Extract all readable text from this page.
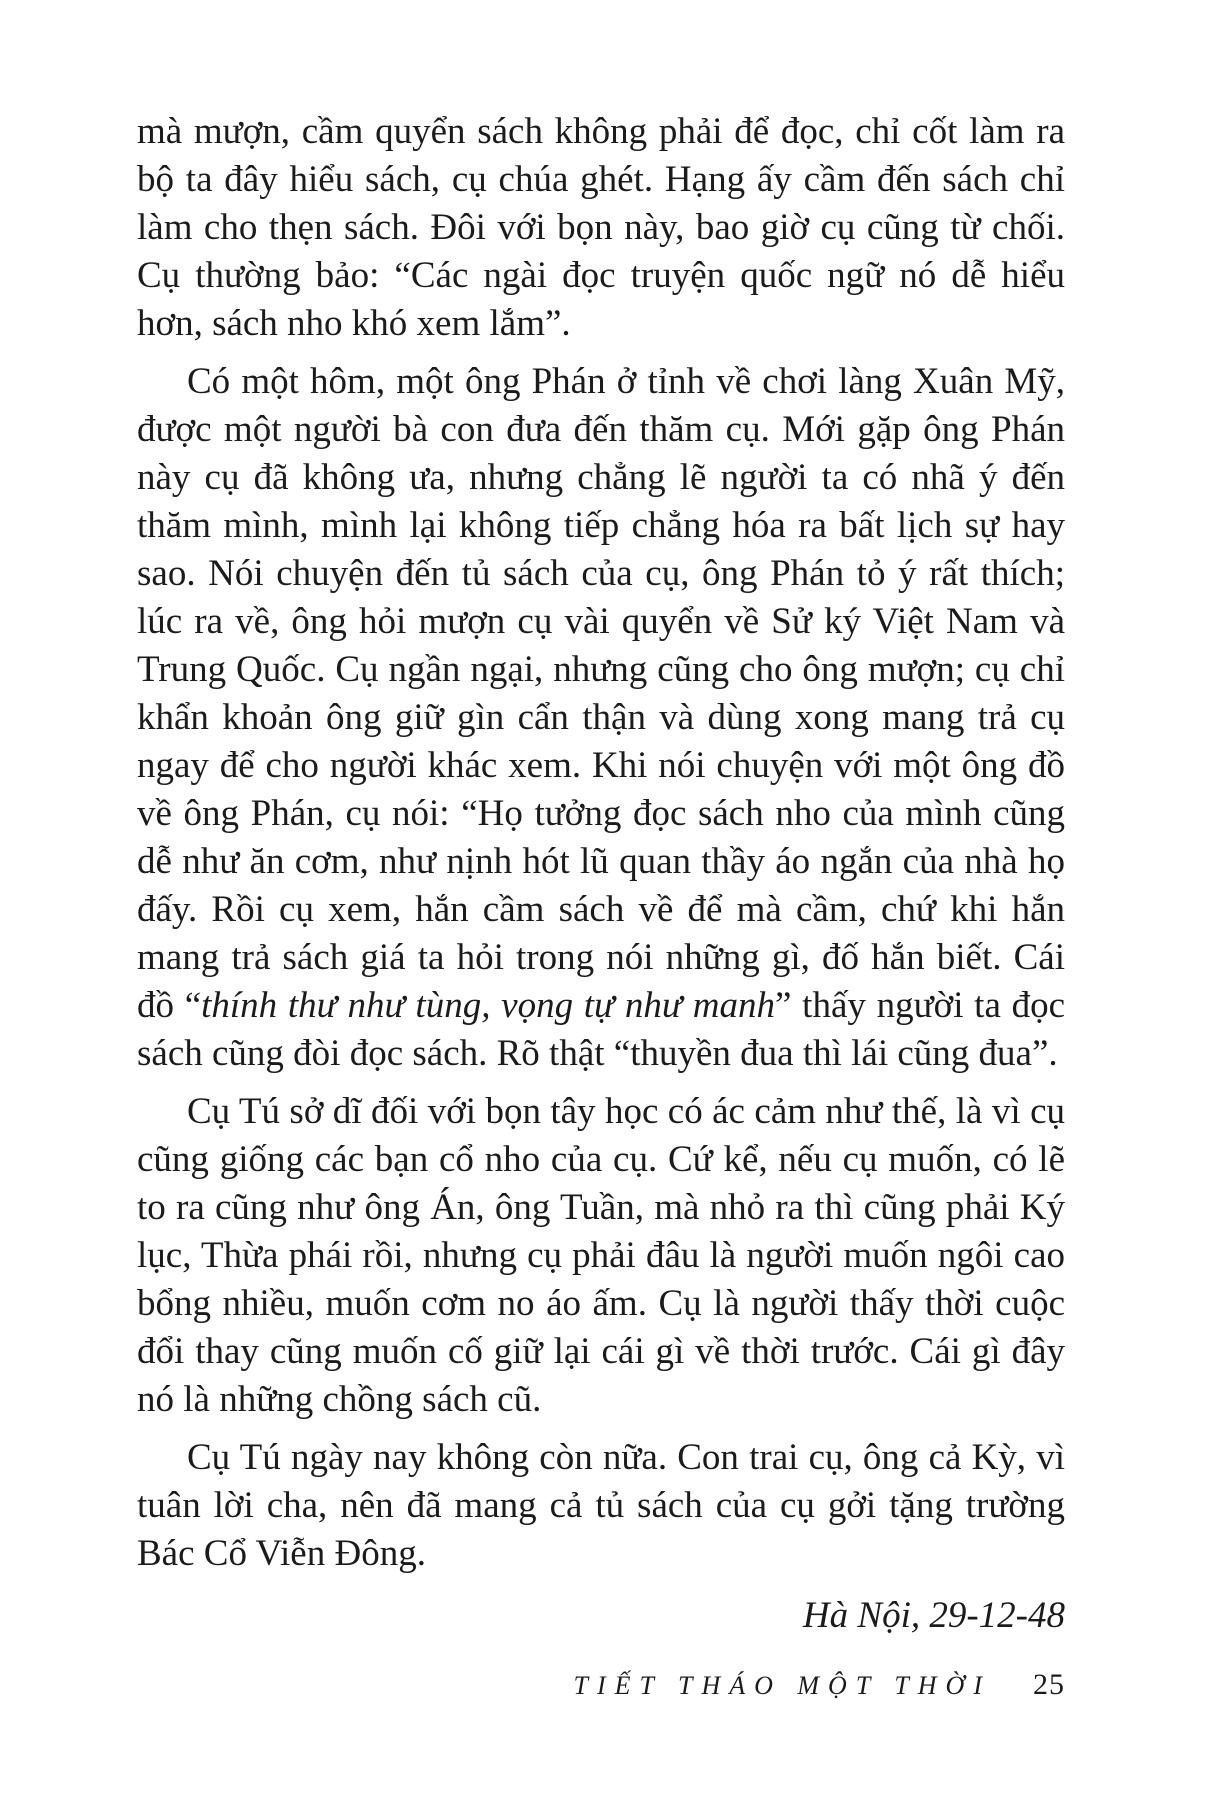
mà mượn, cầm quyển sách không phải để đọc, chỉ cốt làm ra bộ ta đây hiểu sách, cụ chúa ghét. Hạng ấy cầm đến sách chỉ làm cho thẹn sách. Đôi với bọn này, bao giờ cụ cũng từ chối. Cụ thường bảo: “Các ngài đọc truyện quốc ngữ nó dễ hiểu hơn, sách nho khó xem lắm”.

Có một hôm, một ông Phán ở tỉnh về chơi làng Xuân Mỹ, được một người bà con đưa đến thăm cụ. Mới gặp ông Phán này cụ đã không ưa, nhưng chẳng lẽ người ta có nhã ý đến thăm mình, mình lại không tiếp chẳng hóa ra bất lịch sự hay sao. Nói chuyện đến tủ sách của cụ, ông Phán tỏ ý rất thích; lúc ra về, ông hỏi mượn cụ vài quyển về Sử ký Việt Nam và Trung Quốc. Cụ ngần ngại, nhưng cũng cho ông mượn; cụ chỉ khẩn khoản ông giữ gìn cẩn thận và dùng xong mang trả cụ ngay để cho người khác xem. Khi nói chuyện với một ông đồ về ông Phán, cụ nói: “Họ tưởng đọc sách nho của mình cũng dễ như ăn cơm, như nịnh hót lũ quan thầy áo ngắn của nhà họ đấy. Rồi cụ xem, hắn cầm sách về để mà cầm, chứ khi hắn mang trả sách giá ta hỏi trong nói những gì, đố hắn biết. Cái đồ “thính thư như tùng, vọng tự như manh” thấy người ta đọc sách cũng đòi đọc sách. Rõ thật “thuyền đua thì lái cũng đua”.

Cụ Tú sở dĩ đối với bọn tây học có ác cảm như thế, là vì cụ cũng giống các bạn cổ nho của cụ. Cứ kể, nếu cụ muốn, có lẽ to ra cũng như ông Án, ông Tuần, mà nhỏ ra thì cũng phải Ký lục, Thừa phái rồi, nhưng cụ phải đâu là người muốn ngôi cao bổng nhiều, muốn cơm no áo ấm. Cụ là người thấy thời cuộc đổi thay cũng muốn cố giữ lại cái gì về thời trước. Cái gì đây nó là những chồng sách cũ.

Cụ Tú ngày nay không còn nữa. Con trai cụ, ông cả Kỳ, vì tuân lời cha, nên đã mang cả tủ sách của cụ gởi tặng trường Bác Cổ Viễn Đông.

Hà Nội, 29-12-48
TIẾT THÁO MỘT THỜI 25
